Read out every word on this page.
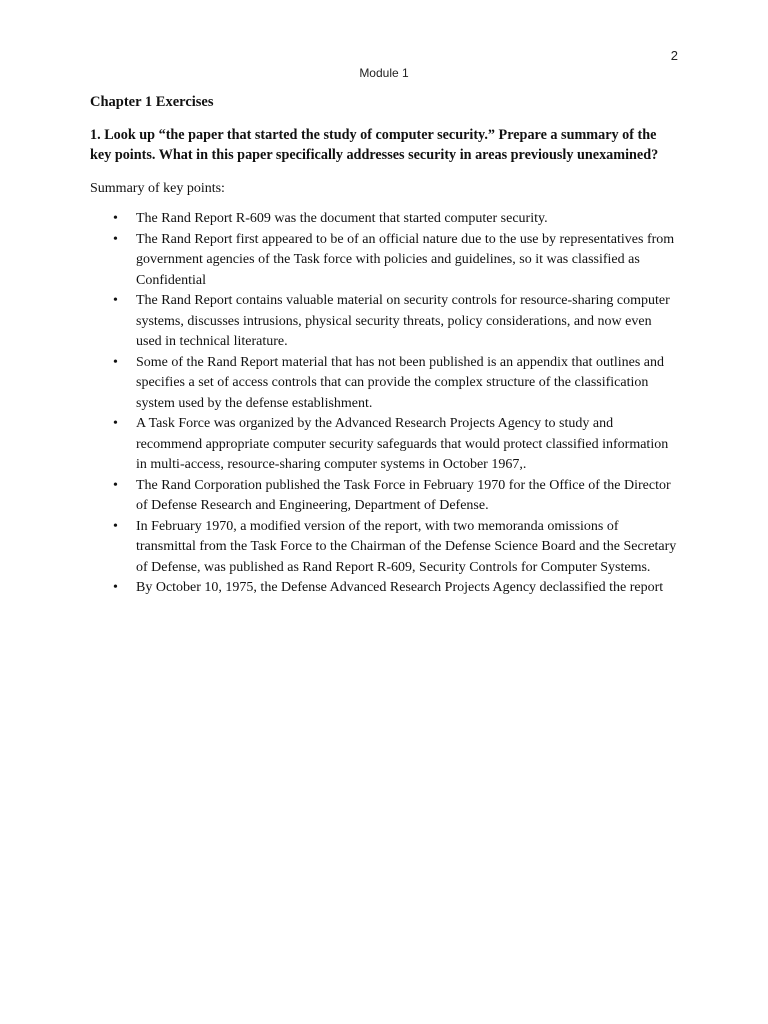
2
Module 1
Chapter 1 Exercises
1. Look up “the paper that started the study of computer security.” Prepare a summary of the key points. What in this paper specifically addresses security in areas previously unexamined?
Summary of key points:
• The Rand Report R-609 was the document that started computer security.
• The Rand Report first appeared to be of an official nature due to the use by representatives from government agencies of the Task force with policies and guidelines, so it was classified as Confidential
• The Rand Report contains valuable material on security controls for resource-sharing computer systems, discusses intrusions, physical security threats, policy considerations, and now even used in technical literature.
• Some of the Rand Report material that has not been published is an appendix that outlines and specifies a set of access controls that can provide the complex structure of the classification system used by the defense establishment.
• A Task Force was organized by the Advanced Research Projects Agency to study and recommend appropriate computer security safeguards that would protect classified information in multi-access, resource-sharing computer systems in October 1967,.
• The Rand Corporation published the Task Force in February 1970 for the Office of the Director of Defense Research and Engineering, Department of Defense.
• In February 1970, a modified version of the report, with two memoranda omissions of transmittal from the Task Force to the Chairman of the Defense Science Board and the Secretary of Defense, was published as Rand Report R-609, Security Controls for Computer Systems.
• By October 10, 1975, the Defense Advanced Research Projects Agency declassified the report
